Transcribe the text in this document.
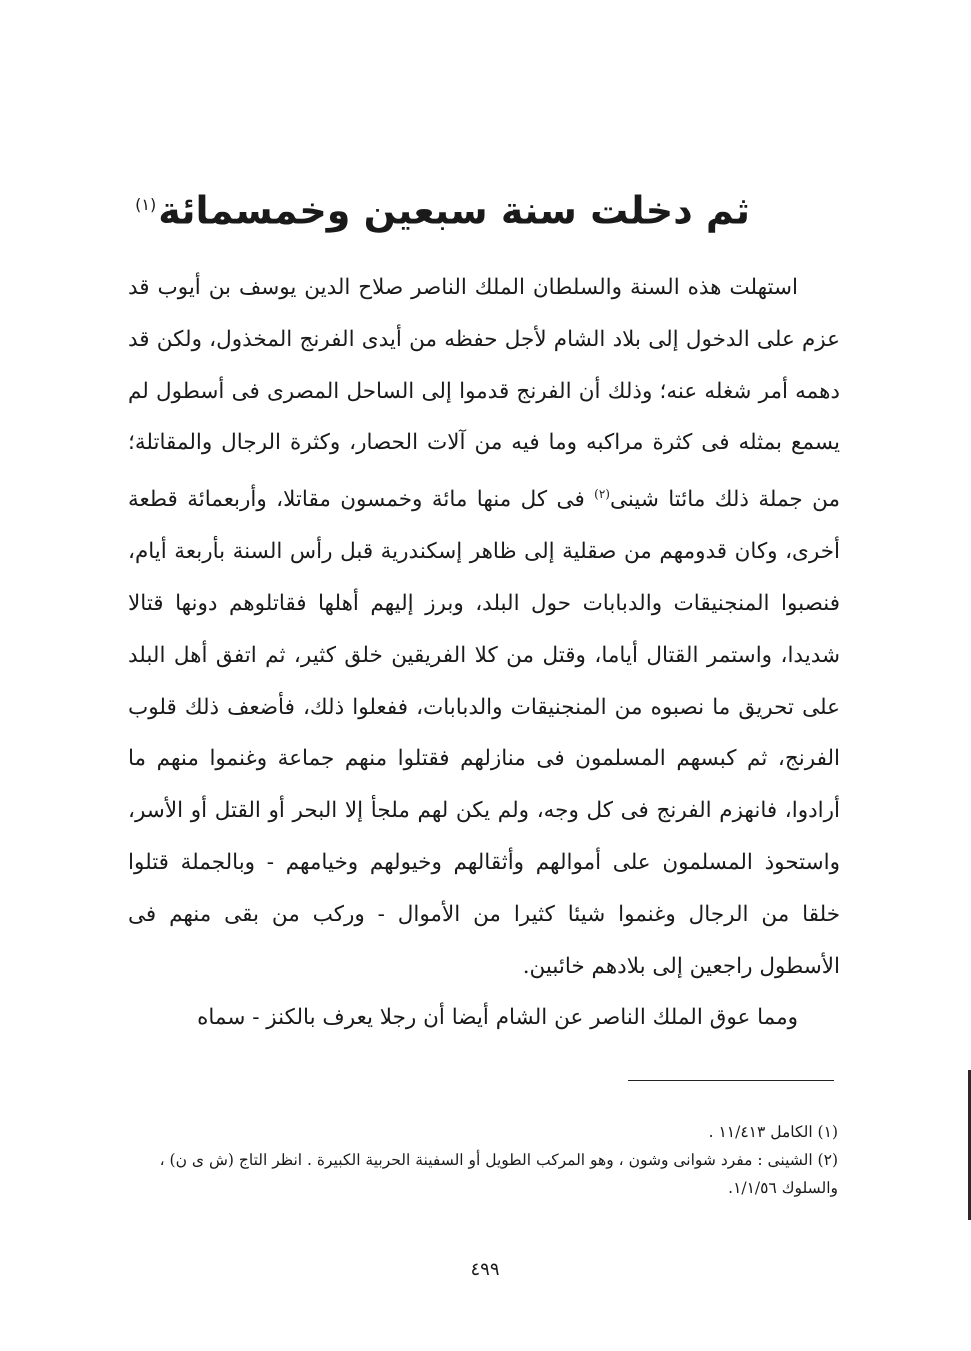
ثم دخلت سنة سبعين وخمسمائة$^{(١)}$

استهلت هذه السنة والسلطان الملك الناصر صلاح الدين يوسف بن أيوب قد عزم على الدخول إلى بلاد الشام لأجل حفظه من أيدى الفرنج المخذول، ولكن قد دهمه أمر شغله عنه؛ وذلك أن الفرنج قدموا إلى الساحل المصرى فى أسطول لم يسمع بمثله فى كثرة مراكبه وما فيه من آلات الحصار، وكثرة الرجال والمقاتلة؛ من جملة ذلك مائتا شينى$^{(٢)}$ فى كل منها مائة وخمسون مقاتلا، وأربعمائة قطعة أخرى، وكان قدومهم من صقلية إلى ظاهر إسكندرية قبل رأس السنة بأربعة أيام، فنصبوا المنجنيقات والدبابات حول البلد، وبرز إليهم أهلها فقاتلوهم دونها قتالا شديدا، واستمر القتال أياما، وقتل من كلا الفريقين خلق كثير، ثم اتفق أهل البلد على تحريق ما نصبوه من المنجنيقات والدبابات، ففعلوا ذلك، فأضعف ذلك قلوب الفرنج، ثم كبسهم المسلمون فى منازلهم فقتلوا منهم جماعة وغنموا منهم ما أرادوا، فانهزم الفرنج فى كل وجه، ولم يكن لهم ملجأ إلا البحر أو القتل أو الأسر، واستحوذ المسلمون على أموالهم وأثقالهم وخيولهم وخيامهم - وبالجملة قتلوا خلقا من الرجال وغنموا شيئا كثيرا من الأموال - وركب من بقى منهم فى الأسطول راجعين إلى بلادهم خائبين.

ومما عوق الملك الناصر عن الشام أيضا أن رجلا يعرف بالكنز - سماه

(١) الكامل ١١/٤١٣ .

(٢) الشينى : مفرد شوانى وشون ، وهو المركب الطويل أو السفينة الحربية الكبيرة . انظر التاج (ش ى ن) ، والسلوك ١/١/٥٦.

٤٩٩
